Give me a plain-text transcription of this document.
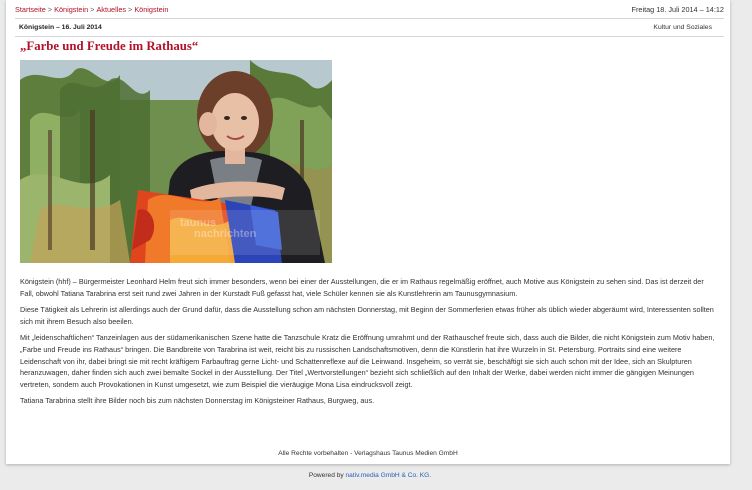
Startseite > Königstein > Aktuelles > Königstein	Freitag 18. Juli 2014 – 14:12
Königstein – 16. Juli 2014	Kultur und Soziales
„Farbe und Freude im Rathaus“
taunus
nachrichten

Königstein (hhf) – Bürgermeister Leonhard Helm freut sich immer besonders, wenn bei einer der Ausstellungen, die er im Rathaus regelmäßig eröffnet, auch Motive aus Königstein zu sehen sind. Das ist derzeit der Fall, obwohl Tatiana Tarabrina erst seit rund zwei Jahren in der Kurstadt Fuß gefasst hat, viele Schüler kennen sie als Kunstlehrerin am Taunusgymnasium.

Diese Tätigkeit als Lehrerin ist allerdings auch der Grund dafür, dass die Ausstellung schon am nächsten Donnerstag, mit Beginn der Sommerferien etwas früher als üblich wieder abgeräumt wird, Interessenten sollten sich mit ihrem Besuch also beeilen.

Mit „leidenschaftlichen“ Tanzeinlagen aus der südamerikanischen Szene hatte die Tanzschule Kratz die Eröffnung umrahmt und der Rathauschef freute sich, dass auch die Bilder, die nicht Königstein zum Motiv haben, „Farbe und Freude ins Rathaus“ bringen. Die Bandbreite von Tarabrina ist weit, reicht bis zu russischen Landschaftsmotiven, denn die Künstlerin hat ihre Wurzeln in St. Petersburg. Portraits sind eine weitere Leidenschaft von ihr, dabei bringt sie mit recht kräftigem Farbauftrag gerne Licht- und Schattenreflexe auf die Leinwand. Insgeheim, so verrät sie, beschäftigt sie sich auch schon mit der Idee, sich an Skulpturen heranzuwagen, daher finden sich auch zwei bemalte Sockel in der Ausstellung. Der Titel „Wertvorstellungen“ bezieht sich schließlich auf den Inhalt der Werke, dabei werden nicht immer die gängigen Meinungen vertreten, sondern auch Provokationen in Kunst umgesetzt, wie zum Beispiel die vieräugige Mona Lisa eindrucksvoll zeigt.

Tatiana Tarabrina stellt ihre Bilder noch bis zum nächsten Donnerstag im Königsteiner Rathaus, Burgweg, aus.

Alle Rechte vorbehalten - Verlagshaus Taunus Medien GmbH
Powered by nativ.media GmbH & Co. KG.
